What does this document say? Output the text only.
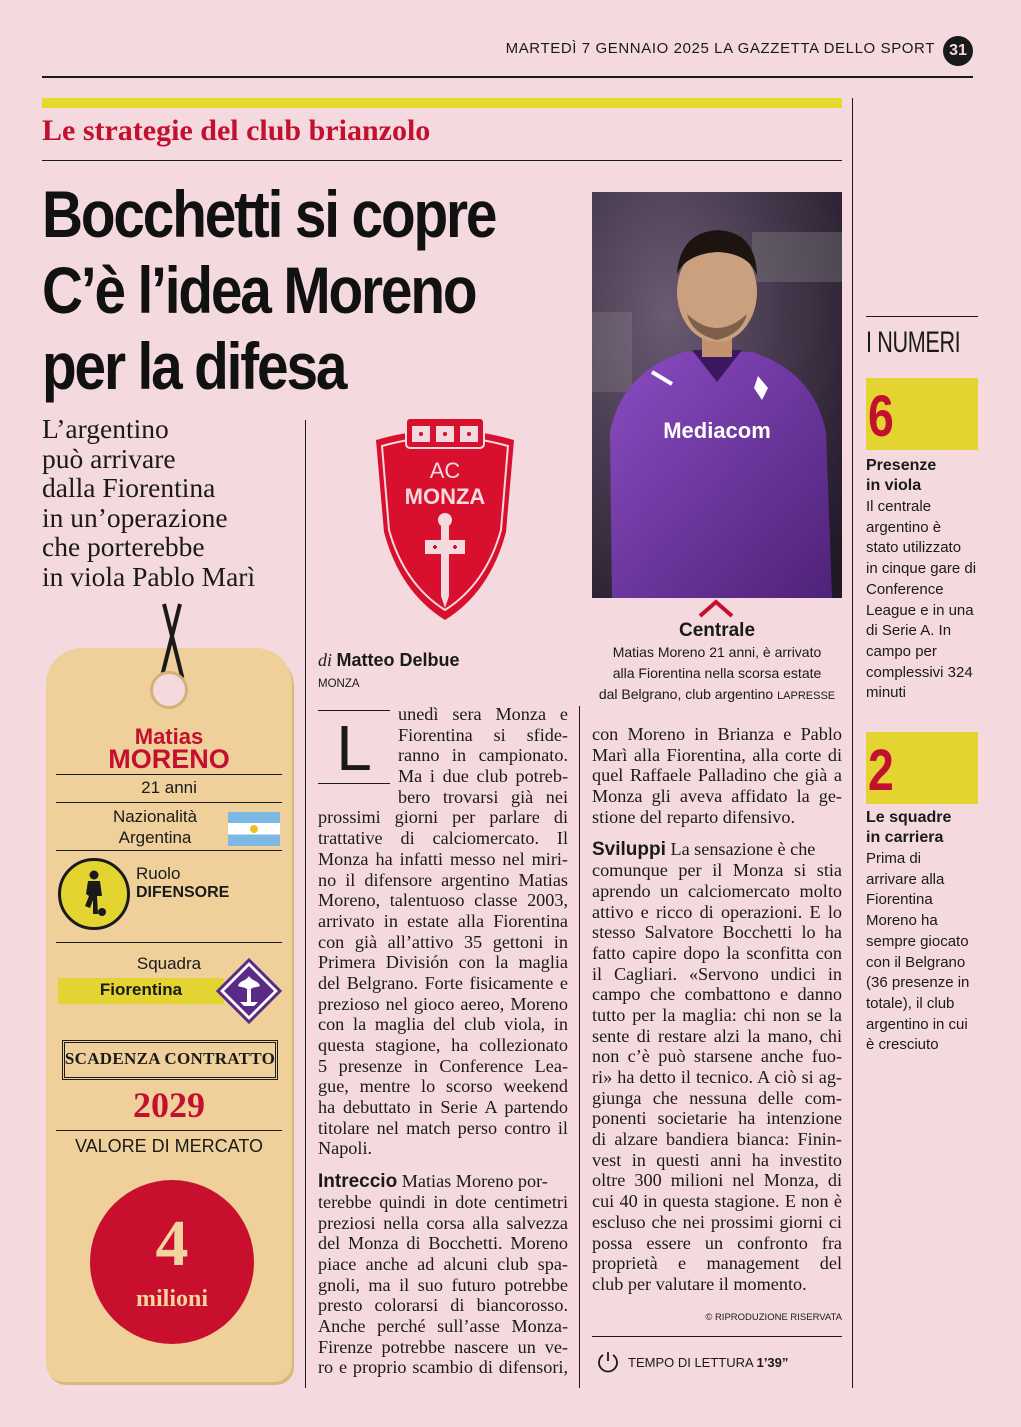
MARTEDÌ 7 GENNAIO 2025 LA GAZZETTA DELLO SPORT 31
Le strategie del club brianzolo
Bocchetti si copre
C’è l’idea Moreno
per la difesa
L’argentino
può arrivare
dalla Fiorentina
in un’operazione
che porterebbe
in viola Pablo Marì
Matias
MORENO
21 anni
Nazionalità
Argentina
Ruolo
DIFENSORE
Squadra
Fiorentina
SCADENZA CONTRATTO
2029
VALORE DI MERCATO
4
milioni
AC
MONZA
di Matteo Delbue
MONZA
Mediacom
Centrale
Matias Moreno 21 anni, è arrivato
alla Fiorentina nella scorsa estate
dal Belgrano, club argentino LAPRESSE
L	unedì sera Monza e
Fiorentina si sfide-
ranno in campionato.
Ma i due club potreb-
bero trovarsi già nei
prossimi giorni per parlare di
trattative di calciomercato. Il
Monza ha infatti messo nel miri-
no il difensore argentino Matias
Moreno, talentuoso classe 2003,
arrivato in estate alla Fiorentina
con già all’attivo 35 gettoni in
Primera División con la maglia
del Belgrano. Forte fisicamente e
prezioso nel gioco aereo, Moreno
con la maglia del club viola, in
questa stagione, ha collezionato
5 presenze in Conference Lea-
gue, mentre lo scorso weekend
ha debuttato in Serie A partendo
titolare nel match perso contro il
Napoli.
Intreccio Matias Moreno por-
terebbe quindi in dote centimetri
preziosi nella corsa alla salvezza
del Monza di Bocchetti. Moreno
piace anche ad alcuni club spa-
gnoli, ma il suo futuro potrebbe
presto colorarsi di biancorosso.
Anche perché sull’asse Monza-
Firenze potrebbe nascere un ve-
ro e proprio scambio di difensori,
con Moreno in Brianza e Pablo
Marì alla Fiorentina, alla corte di
quel Raffaele Palladino che già a
Monza gli aveva affidato la ge-
stione del reparto difensivo.
Sviluppi La sensazione è che
comunque per il Monza si stia
aprendo un calciomercato molto
attivo e ricco di operazioni. E lo
stesso Salvatore Bocchetti lo ha
fatto capire dopo la sconfitta con
il Cagliari. «Servono undici in
campo che combattono e danno
tutto per la maglia: chi non se la
sente di restare alzi la mano, chi
non c’è può starsene anche fuo-
ri» ha detto il tecnico. A ciò si ag-
giunga che nessuna delle com-
ponenti societarie ha intenzione
di alzare bandiera bianca: Finin-
vest in questi anni ha investito
oltre 300 milioni nel Monza, di
cui 40 in questa stagione. E non è
escluso che nei prossimi giorni ci
possa essere un confronto fra
proprietà e management del
club per valutare il momento.
© RIPRODUZIONE RISERVATA
TEMPO DI LETTURA 1’39”
I NUMERI
6
Presenze
in viola
Il centrale
argentino è
stato utilizzato
in cinque gare di
Conference
League e in una
di Serie A. In
campo per
complessivi 324
minuti
2
Le squadre
in carriera
Prima di
arrivare alla
Fiorentina
Moreno ha
sempre giocato
con il Belgrano
(36 presenze in
totale), il club
argentino in cui
è cresciuto
